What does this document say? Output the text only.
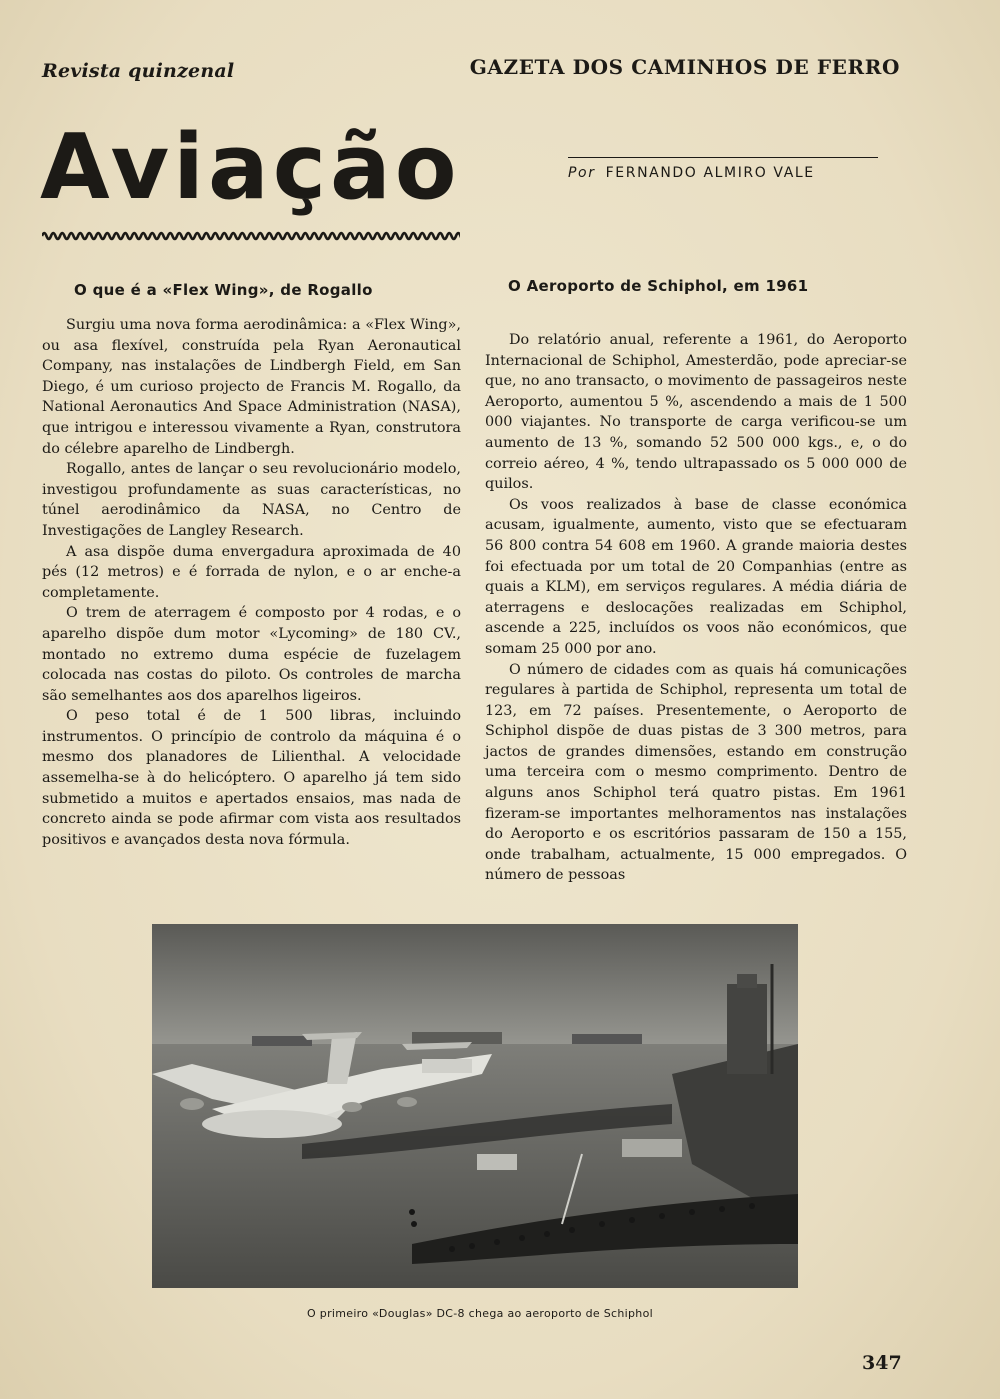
Revista quinzenal	GAZETA DOS CAMINHOS DE FERRO
Aviação	Por FERNANDO ALMIRO VALE
O que é a «Flex Wing», de Rogallo

Surgiu uma nova forma aerodinâmica: a «Flex Wing», ou asa flexível, construída pela Ryan Aeronautical Company, nas instalações de Lindbergh Field, em San Diego, é um curioso projecto de Francis M. Rogallo, da National Aeronautics And Space Administration (NASA), que intrigou e interessou vivamente a Ryan, construtora do célebre aparelho de Lindbergh.

Rogallo, antes de lançar o seu revolucionário modelo, investigou profundamente as suas características, no túnel aerodinâmico da NASA, no Centro de Investigações de Langley Research.

A asa dispõe duma envergadura aproximada de 40 pés (12 metros) e é forrada de nylon, e o ar enche-a completamente.

O trem de aterragem é composto por 4 rodas, e o aparelho dispõe dum motor «Lycoming» de 180 CV., montado no extremo duma espécie de fuzelagem colocada nas costas do piloto. Os controles de marcha são semelhantes aos dos aparelhos ligeiros.

O peso total é de 1 500 libras, incluindo instrumentos. O princípio de controlo da máquina é o mesmo dos planadores de Lilienthal. A velocidade assemelha-se à do helicóptero. O aparelho já tem sido submetido a muitos e apertados ensaios, mas nada de concreto ainda se pode afirmar com vista aos resultados positivos e avançados desta nova fórmula.

O Aeroporto de Schiphol, em 1961

Do relatório anual, referente a 1961, do Aeroporto Internacional de Schiphol, Amesterdão, pode apreciar-se que, no ano transacto, o movimento de passageiros neste Aeroporto, aumentou 5 %, ascendendo a mais de 1 500 000 viajantes. No transporte de carga verificou-se um aumento de 13 %, somando 52 500 000 kgs., e, o do correio aéreo, 4 %, tendo ultrapassado os 5 000 000 de quilos.

Os voos realizados à base de classe económica acusam, igualmente, aumento, visto que se efectuaram 56 800 contra 54 608 em 1960. A grande maioria destes foi efectuada por um total de 20 Companhias (entre as quais a KLM), em serviços regulares. A média diária de aterragens e deslocações realizadas em Schiphol, ascende a 225, incluídos os voos não económicos, que somam 25 000 por ano.

O número de cidades com as quais há comunicações regulares à partida de Schiphol, representa um total de 123, em 72 países. Presentemente, o Aeroporto de Schiphol dispõe de duas pistas de 3 300 metros, para jactos de grandes dimensões, estando em construção uma terceira com o mesmo comprimento. Dentro de alguns anos Schiphol terá quatro pistas. Em 1961 fizeram-se importantes melhoramentos nas instalações do Aeroporto e os escritórios passaram de 150 a 155, onde trabalham, actualmente, 15 000 empregados. O número de pessoas

O primeiro «Douglas» DC-8 chega ao aeroporto de Schiphol
347
